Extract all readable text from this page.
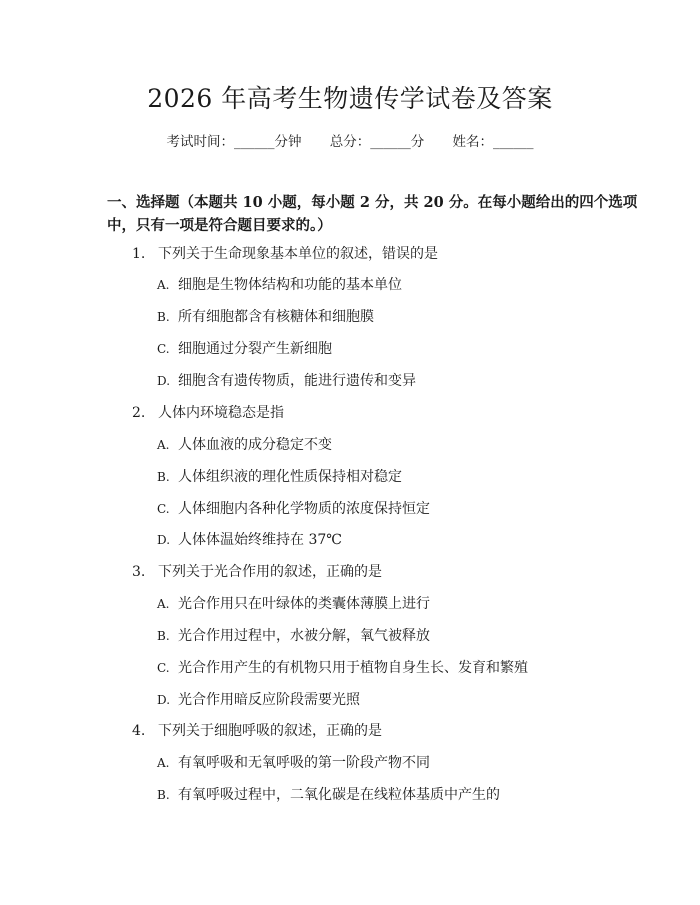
2026 年高考生物遗传学试卷及答案
考试时间：______分钟 总分：______分 姓名：______
一、选择题（本题共 10 小题，每小题 2 分，共 20 分。在每小题给出的四个选项
中，只有一项是符合题目要求的。）
1. 下列关于生命现象基本单位的叙述，错误的是
A. 细胞是生物体结构和功能的基本单位
B. 所有细胞都含有核糖体和细胞膜
C. 细胞通过分裂产生新细胞
D. 细胞含有遗传物质，能进行遗传和变异
2. 人体内环境稳态是指
A. 人体血液的成分稳定不变
B. 人体组织液的理化性质保持相对稳定
C. 人体细胞内各种化学物质的浓度保持恒定
D. 人体体温始终维持在 37℃
3. 下列关于光合作用的叙述，正确的是
A. 光合作用只在叶绿体的类囊体薄膜上进行
B. 光合作用过程中，水被分解，氧气被释放
C. 光合作用产生的有机物只用于植物自身生长、发育和繁殖
D. 光合作用暗反应阶段需要光照
4. 下列关于细胞呼吸的叙述，正确的是
A. 有氧呼吸和无氧呼吸的第一阶段产物不同
B. 有氧呼吸过程中，二氧化碳是在线粒体基质中产生的
